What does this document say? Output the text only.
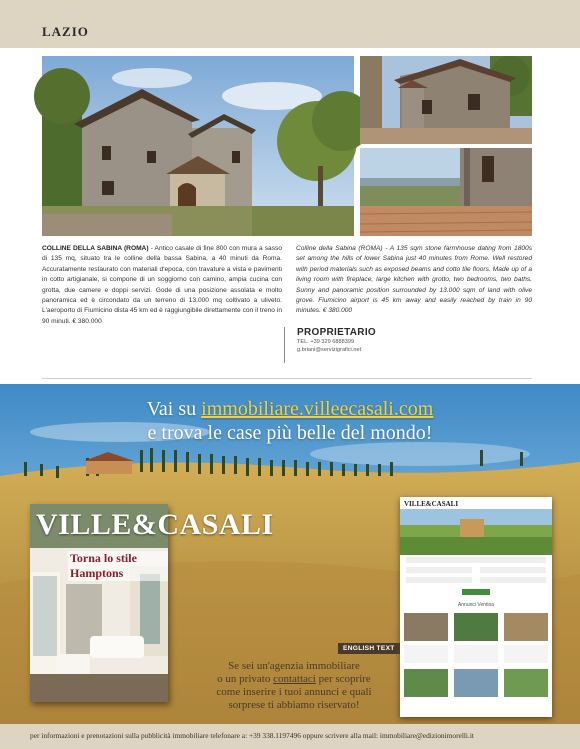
LAZIO
COLLINE DELLA SABINA (ROMA) - Antico casale di fine 800 con mura a sasso di 135 mq, situato tra le colline della bassa Sabina, a 40 minuti da Roma. Accuratamente restaurato con materiali d'epoca, con travature a vista e pavimenti in cotto artigianale, si compone di un soggiorno con camino, ampia cucina con grotta, due camere e doppi servizi. Gode di una posizione assolata e molto panoramica ed è circondato da un terreno di 13.000 mq coltivato a uliveto. L'aeroporto di Fiumicino dista 45 km ed è raggiungibile direttamente con il treno in 90 minuti. € 380.000
Colline della Sabina (ROMA) - A 135 sqm stone farmhouse dating from 1800s set among the hills of lower Sabina just 40 minutes from Rome. Well restored with period materials such as exposed beams and cotto tile floors. Made up of a living room with fireplace, large kitchen with grotto, two bedrooms, two baths. Sunny and panoramic position surrounded by 13.000 sqm of land with olive grove. Fiumicino airport is 45 km away and easily reached by train in 90 minutes. € 380.000
PROPRIETARIO
TEL. +39 329 6888399
g.briani@servizigrafici.net
Vai su immobiliare.villeecasali.com
e trova le case più belle del mondo!
VILLE&CASALI
Torna lo stile Hamptons
VILLE&CASALI
Annunci Ventina
ENGLISH TEXT
Se sei un'agenzia immobiliare
o un privato contattaci per scoprire
come inserire i tuoi annunci e quali
sorprese ti abbiamo riservato!
per informazioni e prenotazioni sulla pubblicità immobiliare telefonare a: +39 338.1197496 oppure scrivere alla mail: immobiliare@edizionimorelli.it
